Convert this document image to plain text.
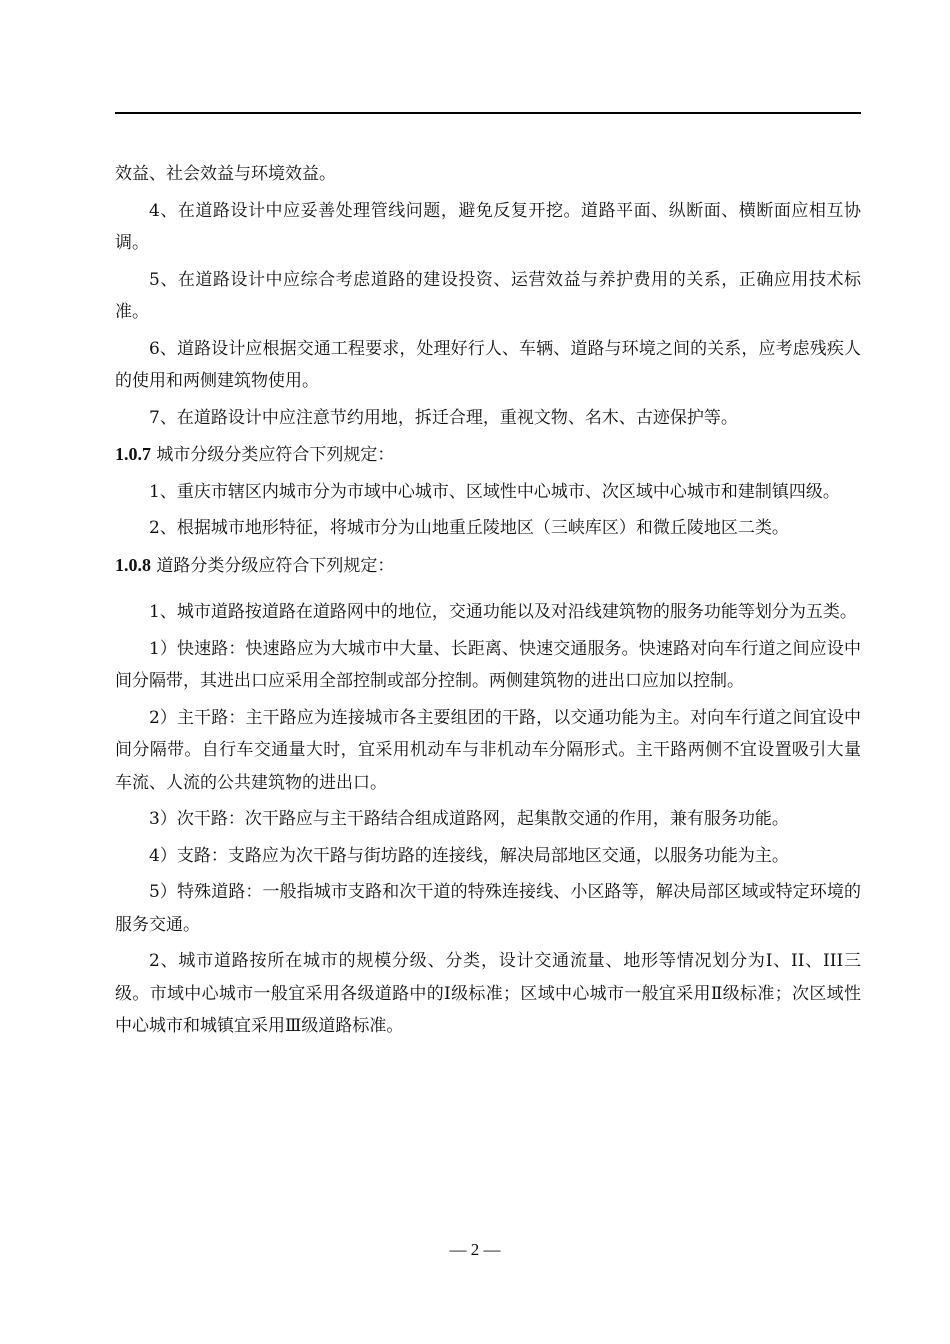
效益、社会效益与环境效益。

4、在道路设计中应妥善处理管线问题，避免反复开挖。道路平面、纵断面、横断面应相互协调。

5、在道路设计中应综合考虑道路的建设投资、运营效益与养护费用的关系，正确应用技术标准。

6、道路设计应根据交通工程要求，处理好行人、车辆、道路与环境之间的关系，应考虑残疾人的使用和两侧建筑物使用。

7、在道路设计中应注意节约用地，拆迁合理，重视文物、名木、古迹保护等。

1.0.7 城市分级分类应符合下列规定：

1、重庆市辖区内城市分为市域中心城市、区域性中心城市、次区域中心城市和建制镇四级。

2、根据城市地形特征，将城市分为山地重丘陵地区（三峡库区）和微丘陵地区二类。

1.0.8 道路分类分级应符合下列规定：

1、城市道路按道路在道路网中的地位，交通功能以及对沿线建筑物的服务功能等划分为五类。

1）快速路：快速路应为大城市中大量、长距离、快速交通服务。快速路对向车行道之间应设中间分隔带，其进出口应采用全部控制或部分控制。两侧建筑物的进出口应加以控制。

2）主干路：主干路应为连接城市各主要组团的干路，以交通功能为主。对向车行道之间宜设中间分隔带。自行车交通量大时，宜采用机动车与非机动车分隔形式。主干路两侧不宜设置吸引大量车流、人流的公共建筑物的进出口。

3）次干路：次干路应与主干路结合组成道路网，起集散交通的作用，兼有服务功能。

4）支路：支路应为次干路与街坊路的连接线，解决局部地区交通，以服务功能为主。

5）特殊道路：一般指城市支路和次干道的特殊连接线、小区路等，解决局部区域或特定环境的服务交通。

2、城市道路按所在城市的规模分级、分类，设计交通流量、地形等情况划分为I、II、III三级。市域中心城市一般宜采用各级道路中的Ⅰ级标准；区域中心城市一般宜采用Ⅱ级标准；次区域性中心城市和城镇宜采用Ⅲ级道路标准。

— 2 —
